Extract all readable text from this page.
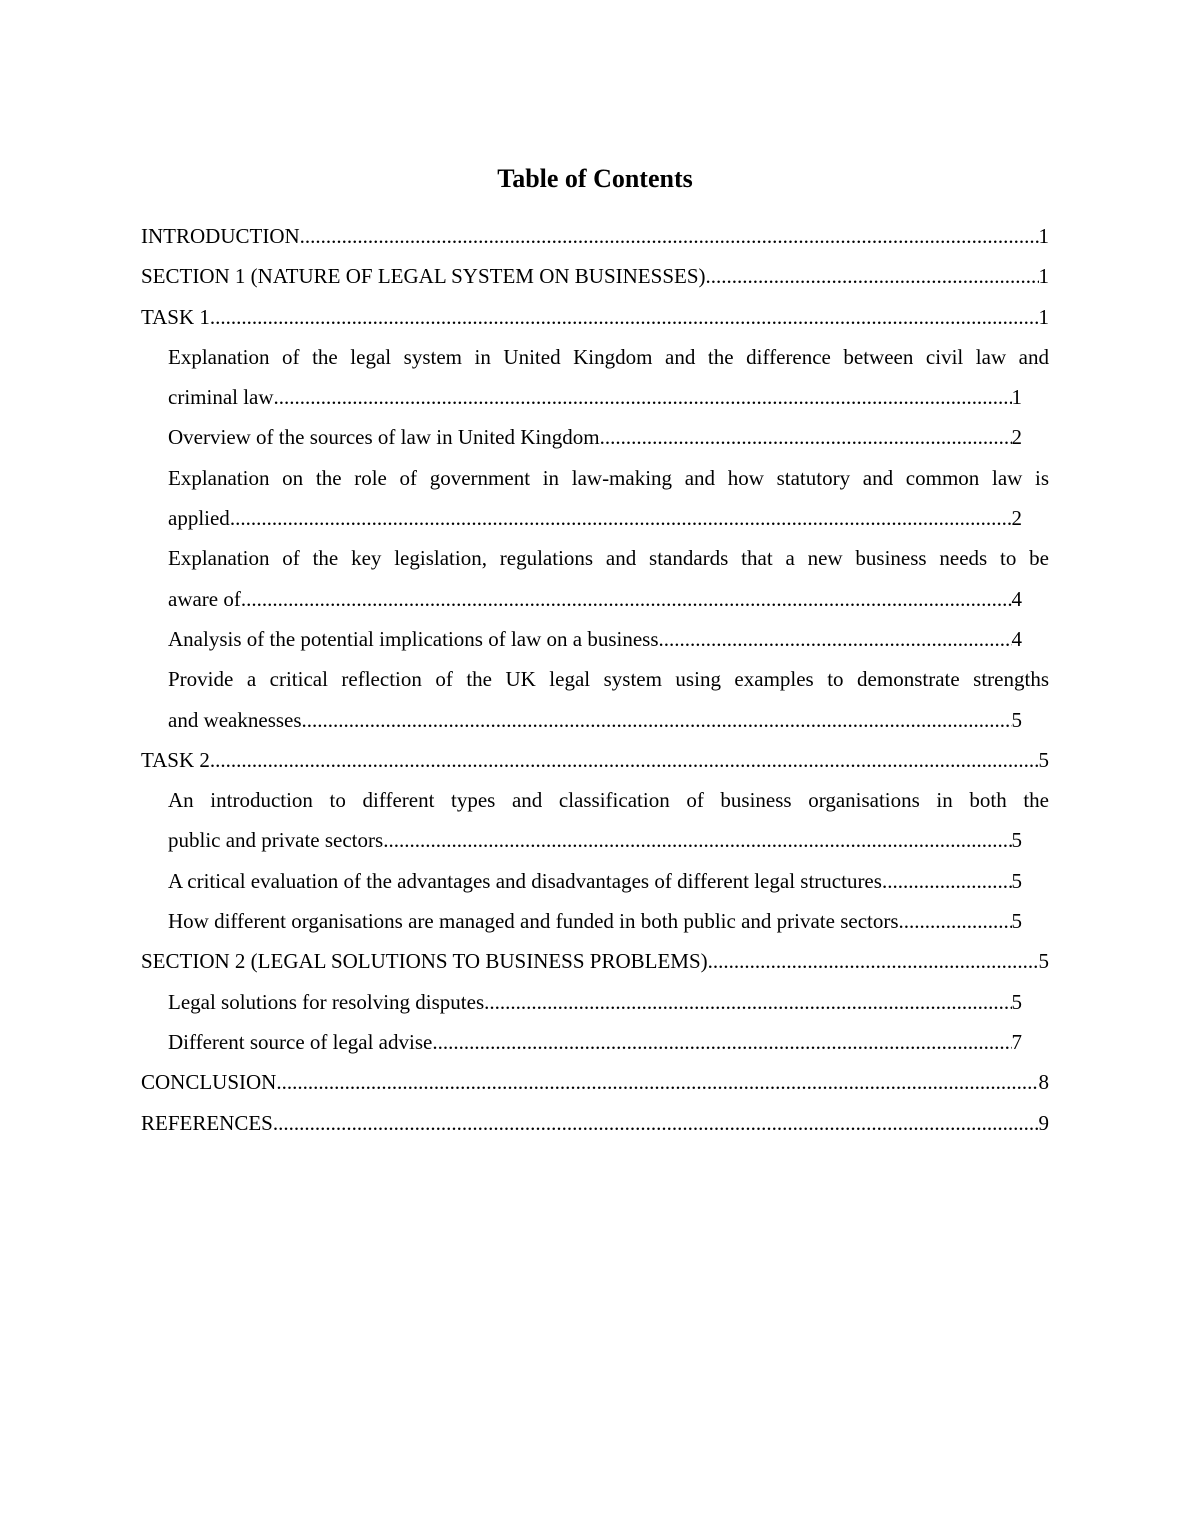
Table of Contents
INTRODUCTION .....	1
SECTION 1 (NATURE OF LEGAL SYSTEM ON BUSINESSES) .....	1
TASK 1 .....	1
Explanation of the legal system in United Kingdom and the difference between civil law and
criminal law .....	1
Overview of the sources of law in United Kingdom .....	2
Explanation on the role of government in law-making and how statutory and common law is
applied .....	2
Explanation of the key legislation, regulations and standards that a new business needs to be
aware of .....	4
Analysis of the potential implications of law on a business .....	4
Provide a critical reflection of the UK legal system using examples to demonstrate strengths
and weaknesses .....	5
TASK 2 .....	5
An introduction to different types and classification of business organisations in both the
public and private sectors .....	5
A critical evaluation of the advantages and disadvantages of different legal structures .....	5
How different organisations are managed and funded in both public and private sectors .....	5
SECTION 2 (LEGAL SOLUTIONS TO BUSINESS PROBLEMS) .....	5
Legal solutions for resolving disputes .....	5
Different source of legal advise .....	7
CONCLUSION .....	8
REFERENCES .....	9
